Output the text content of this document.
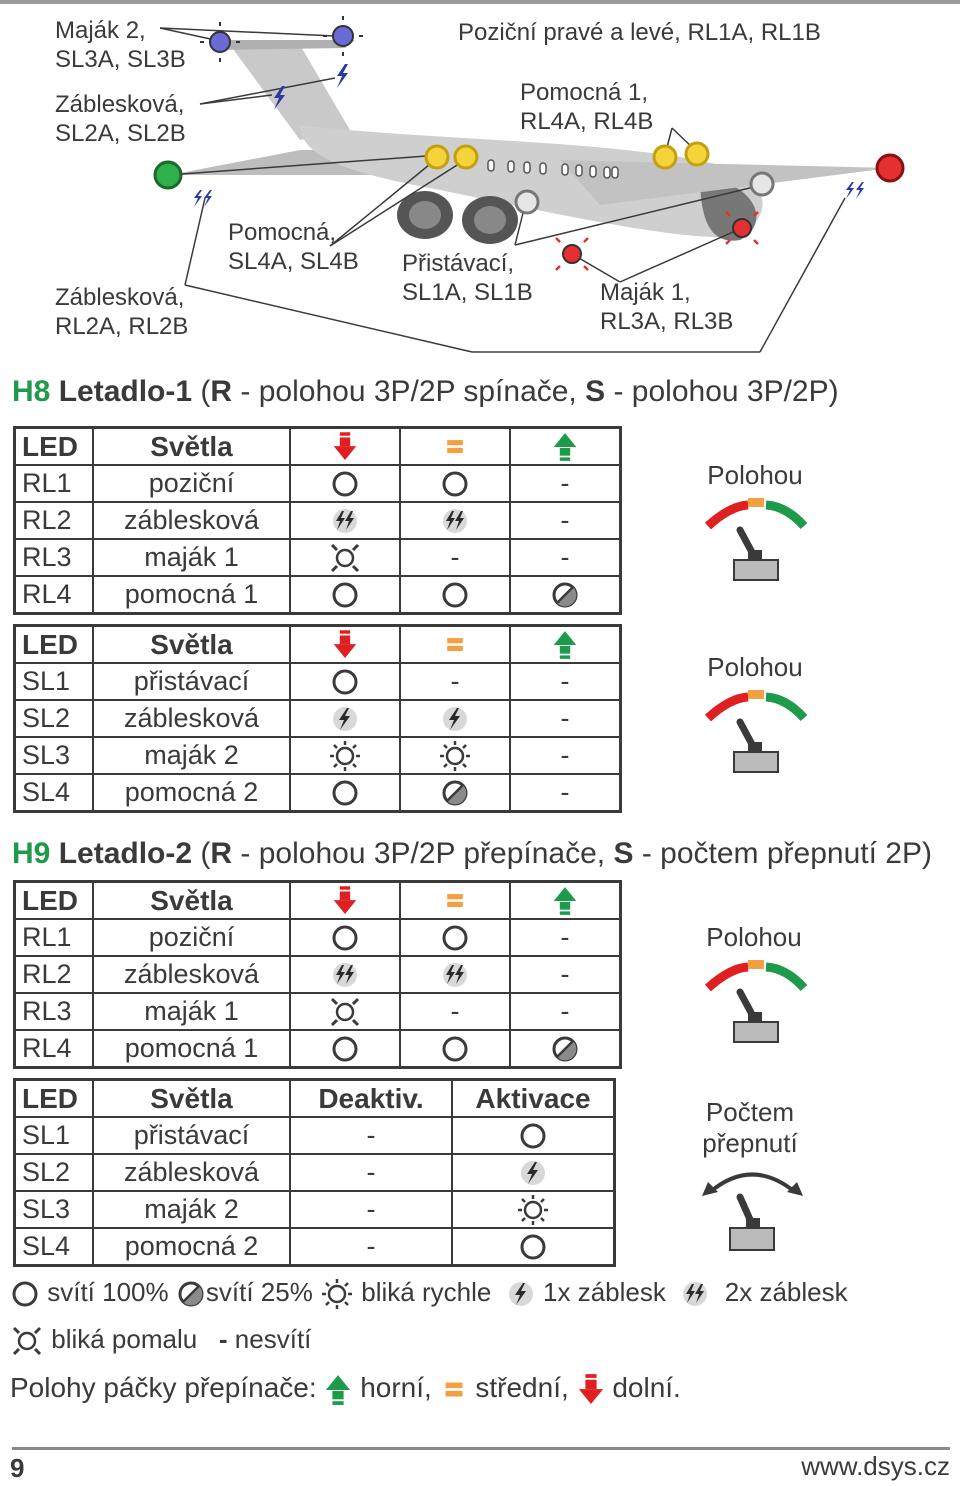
Maják 2,
SL3A, SL3B
Záblesková,
SL2A, SL2B
Poziční pravé a levé, RL1A, RL1B
Pomocná 1,
RL4A, RL4B
Pomocná,
SL4A, SL4B Přistávací,
SL1A, SL1B
Záblesková,
RL2A, RL2B
Maják 1,
RL3A, RL3B
H8 Letadlo-1 (R - polohou 3P/2P spínače, S - polohou 3P/2P)
LED	Světla			
RL1	poziční			-
RL2	záblesková			-
RL3	maják 1		-	-
RL4	pomocná 1			
LED	Světla			
SL1	přistávací		-	-
SL2	záblesková			-
SL3	maják 2			-
SL4	pomocná 2			-
Polohou
Polohou
H9 Letadlo-2 (R - polohou 3P/2P přepínače, S - počtem přepnutí 2P)
LED	Světla			
RL1	poziční			-
RL2	záblesková			-
RL3	maják 1		-	-
RL4	pomocná 1			
LED	Světla	Deaktiv.	Aktivace
SL1	přistávací	-	
SL2	záblesková	-	
SL3	maják 2	-	
SL4	pomocná 2	-	
Polohou
Počtem
přepnutí
svítí 100% svítí 25% bliká rychle 1x záblesk 2x záblesk
bliká pomalu - nesvítí
Polohy páčky přepínače: horní, střední, dolní.
9	www.dsys.cz
